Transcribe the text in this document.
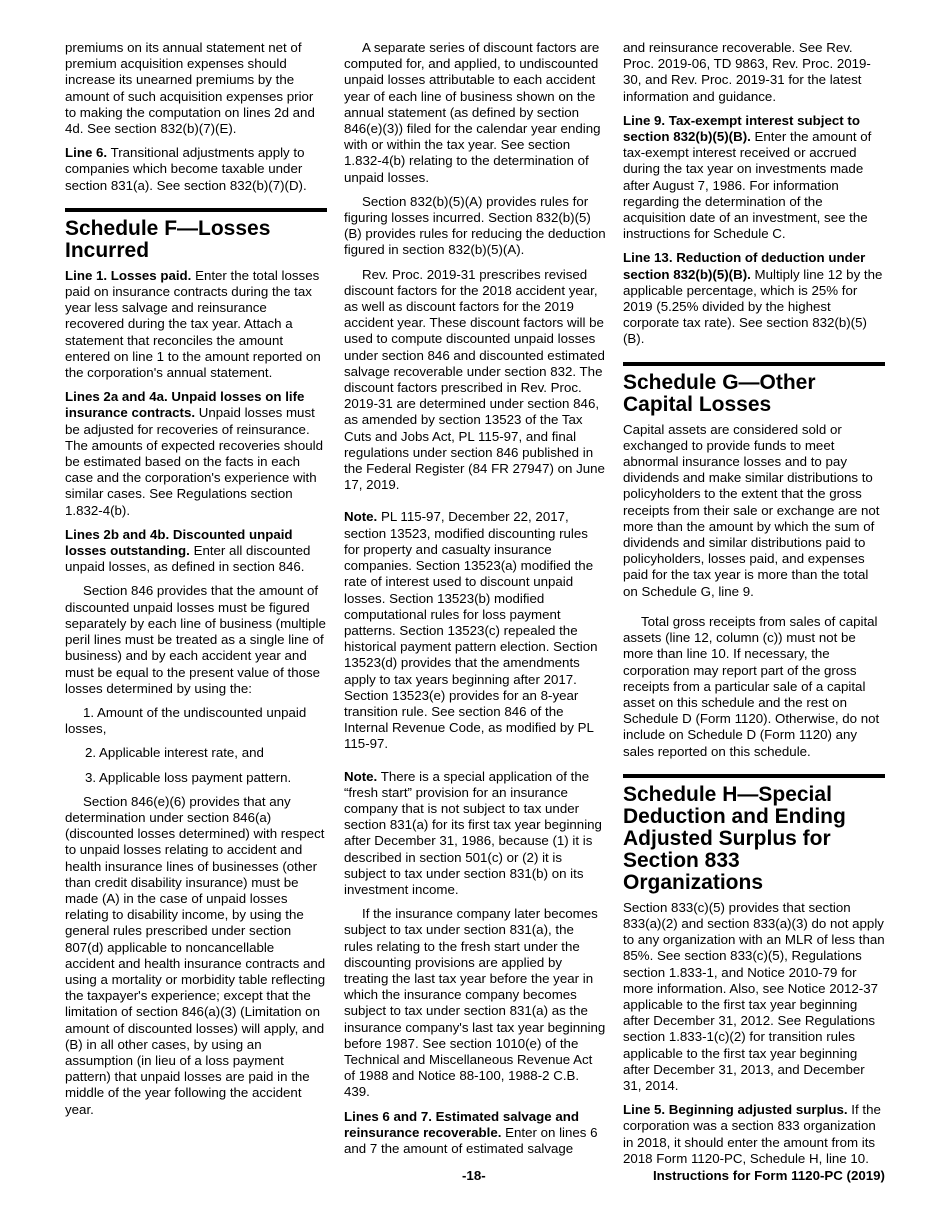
premiums on its annual statement net of premium acquisition expenses should increase its unearned premiums by the amount of such acquisition expenses prior to making the computation on lines 2d and 4d. See section 832(b)(7)(E).

Line 6. Transitional adjustments apply to companies which become taxable under section 831(a). See section 832(b)(7)(D).

Schedule F—Losses Incurred

Line 1. Losses paid. Enter the total losses paid on insurance contracts during the tax year less salvage and reinsurance recovered during the tax year. Attach a statement that reconciles the amount entered on line 1 to the amount reported on the corporation's annual statement.

Lines 2a and 4a. Unpaid losses on life insurance contracts. Unpaid losses must be adjusted for recoveries of reinsurance. The amounts of expected recoveries should be estimated based on the facts in each case and the corporation's experience with similar cases. See Regulations section 1.832-4(b).

Lines 2b and 4b. Discounted unpaid losses outstanding. Enter all discounted unpaid losses, as defined in section 846.

Section 846 provides that the amount of discounted unpaid losses must be figured separately by each line of business (multiple peril lines must be treated as a single line of business) and by each accident year and must be equal to the present value of those losses determined by using the:

1. Amount of the undiscounted unpaid losses,

2. Applicable interest rate, and

3. Applicable loss payment pattern.

Section 846(e)(6) provides that any determination under section 846(a) (discounted losses determined) with respect to unpaid losses relating to accident and health insurance lines of businesses (other than credit disability insurance) must be made (A) in the case of unpaid losses relating to disability income, by using the general rules prescribed under section 807(d) applicable to noncancellable accident and health insurance contracts and using a mortality or morbidity table reflecting the taxpayer's experience; except that the limitation of section 846(a)(3) (Limitation on amount of discounted losses) will apply, and (B) in all other cases, by using an assumption (in lieu of a loss payment pattern) that unpaid losses are paid in the middle of the year following the accident year.

A separate series of discount factors are computed for, and applied, to undiscounted unpaid losses attributable to each accident year of each line of business shown on the annual statement (as defined by section 846(e)(3)) filed for the calendar year ending with or within the tax year. See section 1.832-4(b) relating to the determination of unpaid losses.

Section 832(b)(5)(A) provides rules for figuring losses incurred. Section 832(b)(5)(B) provides rules for reducing the deduction figured in section 832(b)(5)(A).

Rev. Proc. 2019-31 prescribes revised discount factors for the 2018 accident year, as well as discount factors for the 2019 accident year. These discount factors will be used to compute discounted unpaid losses under section 846 and discounted estimated salvage recoverable under section 832. The discount factors prescribed in Rev. Proc. 2019-31 are determined under section 846, as amended by section 13523 of the Tax Cuts and Jobs Act, PL 115-97, and final regulations under section 846 published in the Federal Register (84 FR 27947) on June 17, 2019.

Note. PL 115-97, December 22, 2017, section 13523, modified discounting rules for property and casualty insurance companies. Section 13523(a) modified the rate of interest used to discount unpaid losses. Section 13523(b) modified computational rules for loss payment patterns. Section 13523(c) repealed the historical payment pattern election. Section 13523(d) provides that the amendments apply to tax years beginning after 2017. Section 13523(e) provides for an 8-year transition rule. See section 846 of the Internal Revenue Code, as modified by PL 115-97.

Note. There is a special application of the “fresh start” provision for an insurance company that is not subject to tax under section 831(a) for its first tax year beginning after December 31, 1986, because (1) it is described in section 501(c) or (2) it is subject to tax under section 831(b) on its investment income.

If the insurance company later becomes subject to tax under section 831(a), the rules relating to the fresh start under the discounting provisions are applied by treating the last tax year before the year in which the insurance company becomes subject to tax under section 831(a) as the insurance company's last tax year beginning before 1987. See section 1010(e) of the Technical and Miscellaneous Revenue Act of 1988 and Notice 88-100, 1988-2 C.B. 439.

Lines 6 and 7. Estimated salvage and reinsurance recoverable. Enter on lines 6 and 7 the amount of estimated salvage

and reinsurance recoverable. See Rev. Proc. 2019-06, TD 9863, Rev. Proc. 2019-30, and Rev. Proc. 2019-31 for the latest information and guidance.

Line 9. Tax-exempt interest subject to section 832(b)(5)(B). Enter the amount of tax-exempt interest received or accrued during the tax year on investments made after August 7, 1986. For information regarding the determination of the acquisition date of an investment, see the instructions for Schedule C.

Line 13. Reduction of deduction under section 832(b)(5)(B). Multiply line 12 by the applicable percentage, which is 25% for 2019 (5.25% divided by the highest corporate tax rate). See section 832(b)(5)(B).

Schedule G—Other Capital Losses

Capital assets are considered sold or exchanged to provide funds to meet abnormal insurance losses and to pay dividends and make similar distributions to policyholders to the extent that the gross receipts from their sale or exchange are not more than the amount by which the sum of dividends and similar distributions paid to policyholders, losses paid, and expenses paid for the tax year is more than the total on Schedule G, line 9.

Total gross receipts from sales of capital assets (line 12, column (c)) must not be more than line 10. If necessary, the corporation may report part of the gross receipts from a particular sale of a capital asset on this schedule and the rest on Schedule D (Form 1120). Otherwise, do not include on Schedule D (Form 1120) any sales reported on this schedule.

Schedule H—Special Deduction and Ending Adjusted Surplus for Section 833 Organizations

Section 833(c)(5) provides that section 833(a)(2) and section 833(a)(3) do not apply to any organization with an MLR of less than 85%. See section 833(c)(5), Regulations section 1.833-1, and Notice 2010-79 for more information. Also, see Notice 2012-37 applicable to the first tax year beginning after December 31, 2012. See Regulations section 1.833-1(c)(2) for transition rules applicable to the first tax year beginning after December 31, 2013, and December 31, 2014.

Line 5. Beginning adjusted surplus. If the corporation was a section 833 organization in 2018, it should enter the amount from its 2018 Form 1120-PC, Schedule H, line 10.

-18-	Instructions for Form 1120-PC (2019)
